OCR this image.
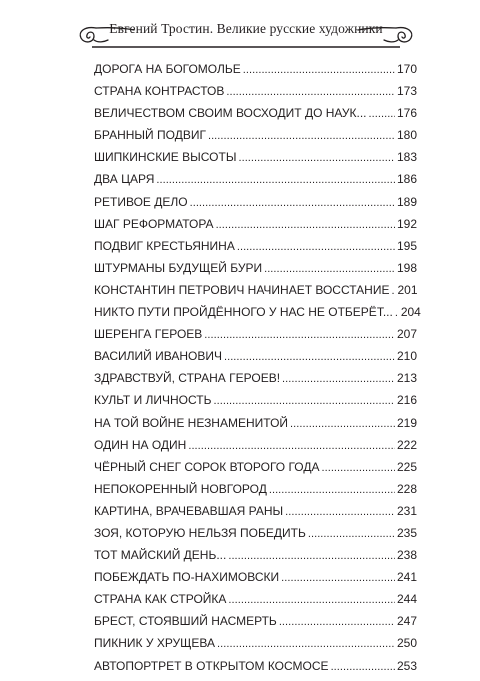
Евгений Тростин. Великие русские художники
ДОРОГА НА БОГОМОЛЬЕ . . .	170
СТРАНА КОНТРАСТОВ . . .	173
ВЕЛИЧЕСТВОМ СВОИМ ВОСХОДИТ ДО НАУК... . . .	176
БРАННЫЙ ПОДВИГ . . .	180
ШИПКИНСКИЕ ВЫСОТЫ . . .	183
ДВА ЦАРЯ . . .	186
РЕТИВОЕ ДЕЛО . . .	189
ШАГ РЕФОРМАТОРА . . .	192
ПОДВИГ КРЕСТЬЯНИНА . . .	195
ШТУРМАНЫ БУДУЩЕЙ БУРИ . . .	198
КОНСТАНТИН ПЕТРОВИЧ НАЧИНАЕТ ВОССТАНИЕ . . . 201
НИКТО ПУТИ ПРОЙДЁННОГО У НАС НЕ ОТБЕРЁТ... . . . 204
ШЕРЕНГА ГЕРОЕВ . . .	207
ВАСИЛИЙ ИВАНОВИЧ . . .	210
ЗДРАВСТВУЙ, СТРАНА ГЕРОЕВ! . . .	213
КУЛЬТ И ЛИЧНОСТЬ . . .	216
НА ТОЙ ВОЙНЕ НЕЗНАМЕНИТОЙ . . .	219
ОДИН НА ОДИН . . .	222
ЧЁРНЫЙ СНЕГ СОРОК ВТОРОГО ГОДА . . .	225
НЕПОКОРЕННЫЙ НОВГОРОД . . .	228
КАРТИНА, ВРАЧЕВАВШАЯ РАНЫ . . .	231
ЗОЯ, КОТОРУЮ НЕЛЬЗЯ ПОБЕДИТЬ . . .	235
ТОТ МАЙСКИЙ ДЕНЬ... . . .	238
ПОБЕЖДАТЬ ПО-НАХИМОВСКИ . . .	241
СТРАНА КАК СТРОЙКА . . .	244
БРЕСТ, СТОЯВШИЙ НАСМЕРТЬ . . .	247
ПИКНИК У ХРУЩЕВА . . .	250
АВТОПОРТРЕТ В ОТКРЫТОМ КОСМОСЕ . . .	253
